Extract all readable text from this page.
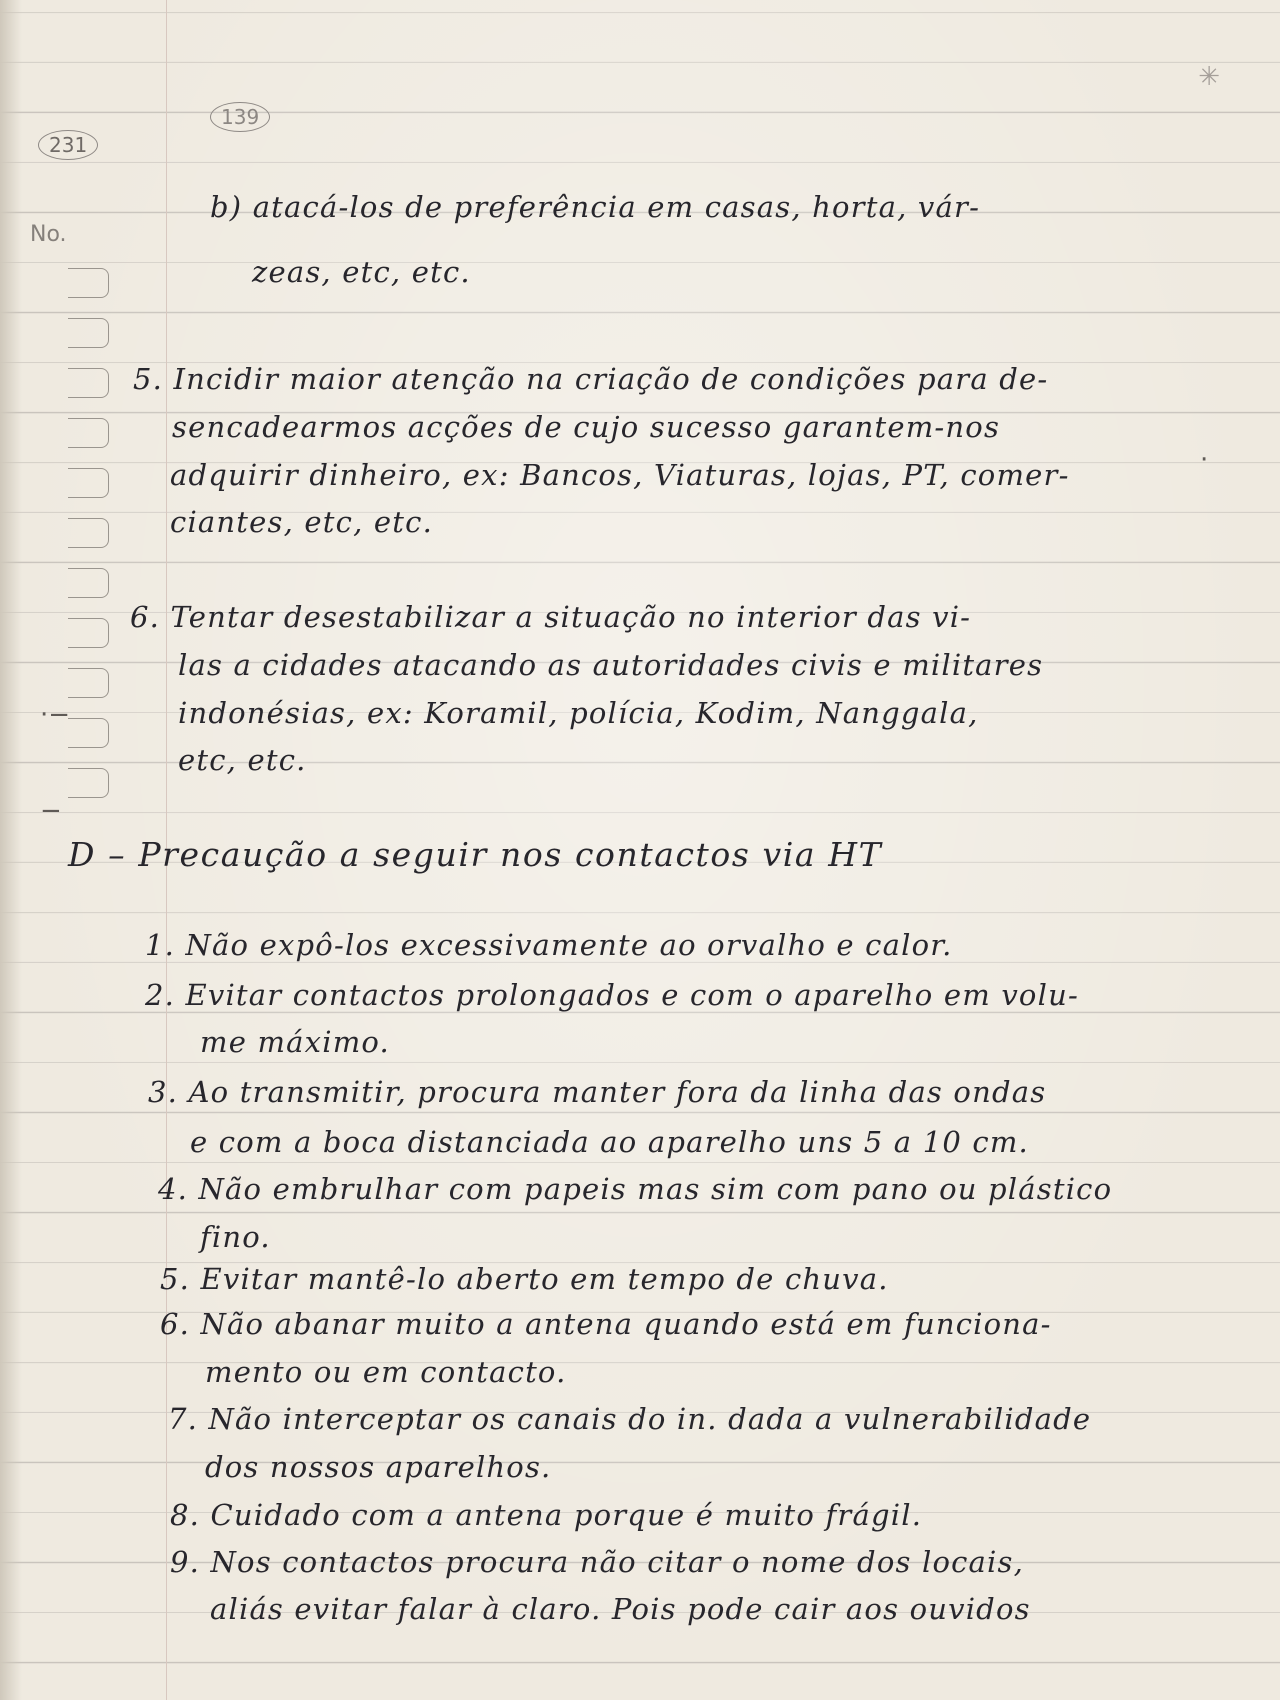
231
139
No.
·−
−
·
✳

b) atacá-los de preferência em casas, horta, vár-

zeas, etc, etc.

5. Incidir maior atenção na criação de condições para de-

sencadearmos acções de cujo sucesso garantem-nos

adquirir dinheiro, ex: Bancos, Viaturas, lojas, PT, comer-

ciantes, etc, etc.

6. Tentar desestabilizar a situação no interior das vi-

las a cidades atacando as autoridades civis e militares

indonésias, ex: Koramil, polícia, Kodim, Nanggala,

etc, etc.

D – Precaução a seguir nos contactos via HT

1. Não expô-los excessivamente ao orvalho e calor.

2. Evitar contactos prolongados e com o aparelho em volu-

me máximo.

3. Ao transmitir, procura manter fora da linha das ondas

e com a boca distanciada ao aparelho uns 5 a 10 cm.

4. Não embrulhar com papeis mas sim com pano ou plástico

fino.

5. Evitar mantê-lo aberto em tempo de chuva.

6. Não abanar muito a antena quando está em funciona-

mento ou em contacto.

7. Não interceptar os canais do in. dada a vulnerabilidade

dos nossos aparelhos.

8. Cuidado com a antena porque é muito frágil.

9. Nos contactos procura não citar o nome dos locais,

aliás evitar falar à claro. Pois pode cair aos ouvidos
